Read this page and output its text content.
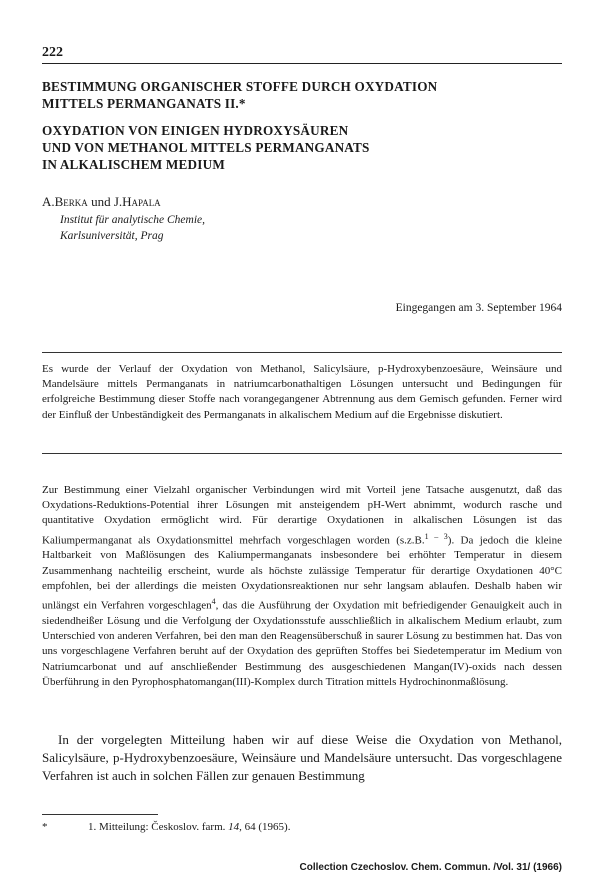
222
BESTIMMUNG ORGANISCHER STOFFE DURCH OXYDATION
MITTELS PERMANGANATS II.*
OXYDATION VON EINIGEN HYDROXYSÄUREN
UND VON METHANOL MITTELS PERMANGANATS
IN ALKALISCHEM MEDIUM
A.Berka und J.Hapala
Institut für analytische Chemie,
Karlsuniversität, Prag
Eingegangen am 3. September 1964

Es wurde der Verlauf der Oxydation von Methanol, Salicylsäure, p-Hydroxybenzoesäure, Weinsäure und Mandelsäure mittels Permanganats in natriumcarbonathaltigen Lösungen untersucht und Bedingungen für erfolgreiche Bestimmung dieser Stoffe nach vorangegangener Abtrennung aus dem Gemisch gefunden. Ferner wird der Einfluß der Unbeständigkeit des Permanganats in alkalischem Medium auf die Ergebnisse diskutiert.

Zur Bestimmung einer Vielzahl organischer Verbindungen wird mit Vorteil jene Tatsache ausgenutzt, daß das Oxydations-Reduktions-Potential ihrer Lösungen mit ansteigendem pH-Wert abnimmt, wodurch rasche und quantitative Oxydation ermöglicht wird. Für derartige Oxydationen in alkalischen Lösungen ist das Kaliumpermanganat als Oxydationsmittel mehrfach vorgeschlagen worden (s.z.B.$^{1 - 3}$). Da jedoch die kleine Haltbarkeit von Maßlösungen des Kaliumpermanganats insbesondere bei erhöhter Temperatur in diesem Zusammenhang nachteilig erscheint, wurde als höchste zulässige Temperatur für derartige Oxydationen 40°C empfohlen, bei der allerdings die meisten Oxydationsreaktionen nur sehr langsam ablaufen. Deshalb haben wir unlängst ein Verfahren vorgeschlagen$^4$, das die Ausführung der Oxydation mit befriedigender Genauigkeit auch in siedendheißer Lösung und die Verfolgung der Oxydationsstufe ausschließlich in alkalischem Medium erlaubt, zum Unterschied von anderen Verfahren, bei den man den Reagensüberschuß in saurer Lösung zu bestimmen hat. Das von uns vorgeschlagene Verfahren beruht auf der Oxydation des geprüften Stoffes bei Siedetemperatur im Medium von Natriumcarbonat und auf anschließender Bestimmung des ausgeschiedenen Mangan(IV)-oxids nach dessen Überführung in den Pyrophosphatomangan(III)-Komplex durch Titration mittels Hydrochinonmaßlösung.

In der vorgelegten Mitteilung haben wir auf diese Weise die Oxydation von Methanol, Salicylsäure, p-Hydroxybenzoesäure, Weinsäure und Mandelsäure untersucht. Das vorgeschlagene Verfahren ist auch in solchen Fällen zur genauen Bestimmung

*	1. Mitteilung: Českoslov. farm. 14, 64 (1965).
Collection Czechoslov. Chem. Commun. /Vol. 31/ (1966)
